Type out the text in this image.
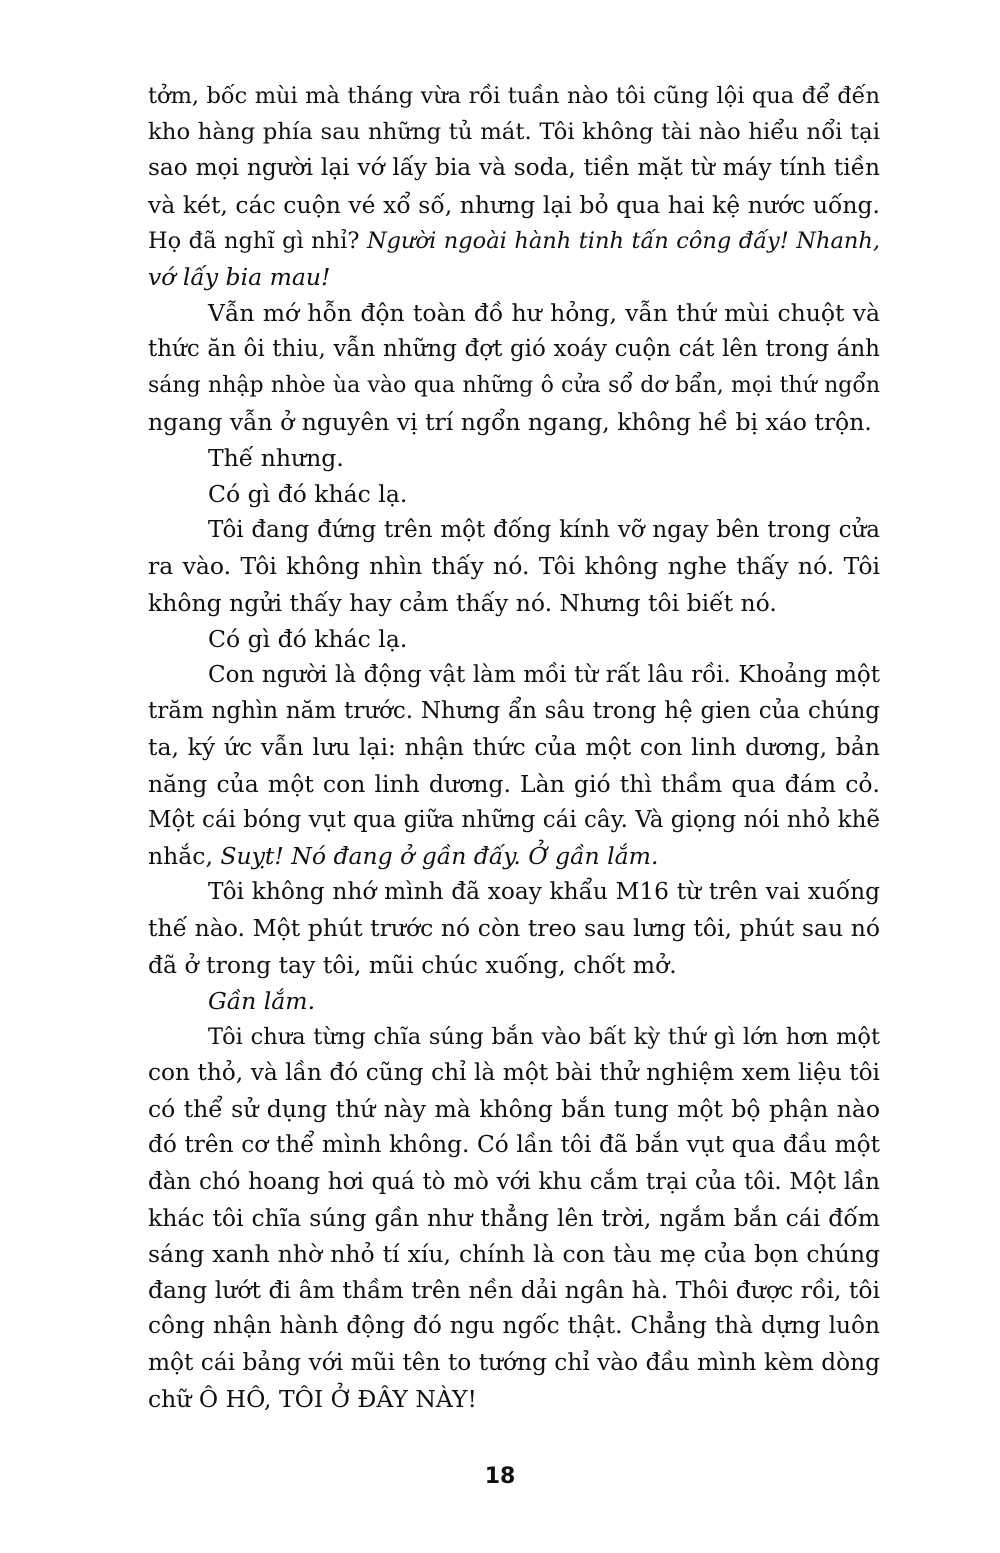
tởm, bốc mùi mà tháng vừa rồi tuần nào tôi cũng lội qua để đến
kho hàng phía sau những tủ mát. Tôi không tài nào hiểu nổi tại
sao mọi người lại vớ lấy bia và soda, tiền mặt từ máy tính tiền
và két, các cuộn vé xổ số, nhưng lại bỏ qua hai kệ nước uống.
Họ đã nghĩ gì nhỉ? Người ngoài hành tinh tấn công đấy! Nhanh,
vớ lấy bia mau!
Vẫn mớ hỗn độn toàn đồ hư hỏng, vẫn thứ mùi chuột và
thức ăn ôi thiu, vẫn những đợt gió xoáy cuộn cát lên trong ánh
sáng nhập nhòe ùa vào qua những ô cửa sổ dơ bẩn, mọi thứ ngổn
ngang vẫn ở nguyên vị trí ngổn ngang, không hề bị xáo trộn.
Thế nhưng.
Có gì đó khác lạ.
Tôi đang đứng trên một đống kính vỡ ngay bên trong cửa
ra vào. Tôi không nhìn thấy nó. Tôi không nghe thấy nó. Tôi
không ngửi thấy hay cảm thấy nó. Nhưng tôi biết nó.
Có gì đó khác lạ.
Con người là động vật làm mồi từ rất lâu rồi. Khoảng một
trăm nghìn năm trước. Nhưng ẩn sâu trong hệ gien của chúng
ta, ký ức vẫn lưu lại: nhận thức của một con linh dương, bản
năng của một con linh dương. Làn gió thì thầm qua đám cỏ.
Một cái bóng vụt qua giữa những cái cây. Và giọng nói nhỏ khẽ
nhắc, Suỵt! Nó đang ở gần đấy. Ở gần lắm.
Tôi không nhớ mình đã xoay khẩu M16 từ trên vai xuống
thế nào. Một phút trước nó còn treo sau lưng tôi, phút sau nó
đã ở trong tay tôi, mũi chúc xuống, chốt mở.
Gần lắm.
Tôi chưa từng chĩa súng bắn vào bất kỳ thứ gì lớn hơn một
con thỏ, và lần đó cũng chỉ là một bài thử nghiệm xem liệu tôi
có thể sử dụng thứ này mà không bắn tung một bộ phận nào
đó trên cơ thể mình không. Có lần tôi đã bắn vụt qua đầu một
đàn chó hoang hơi quá tò mò với khu cắm trại của tôi. Một lần
khác tôi chĩa súng gần như thẳng lên trời, ngắm bắn cái đốm
sáng xanh nhờ nhỏ tí xíu, chính là con tàu mẹ của bọn chúng
đang lướt đi âm thầm trên nền dải ngân hà. Thôi được rồi, tôi
công nhận hành động đó ngu ngốc thật. Chẳng thà dựng luôn
một cái bảng với mũi tên to tướng chỉ vào đầu mình kèm dòng
chữ Ô HÔ, TÔI Ở ĐÂY NÀY!
18
